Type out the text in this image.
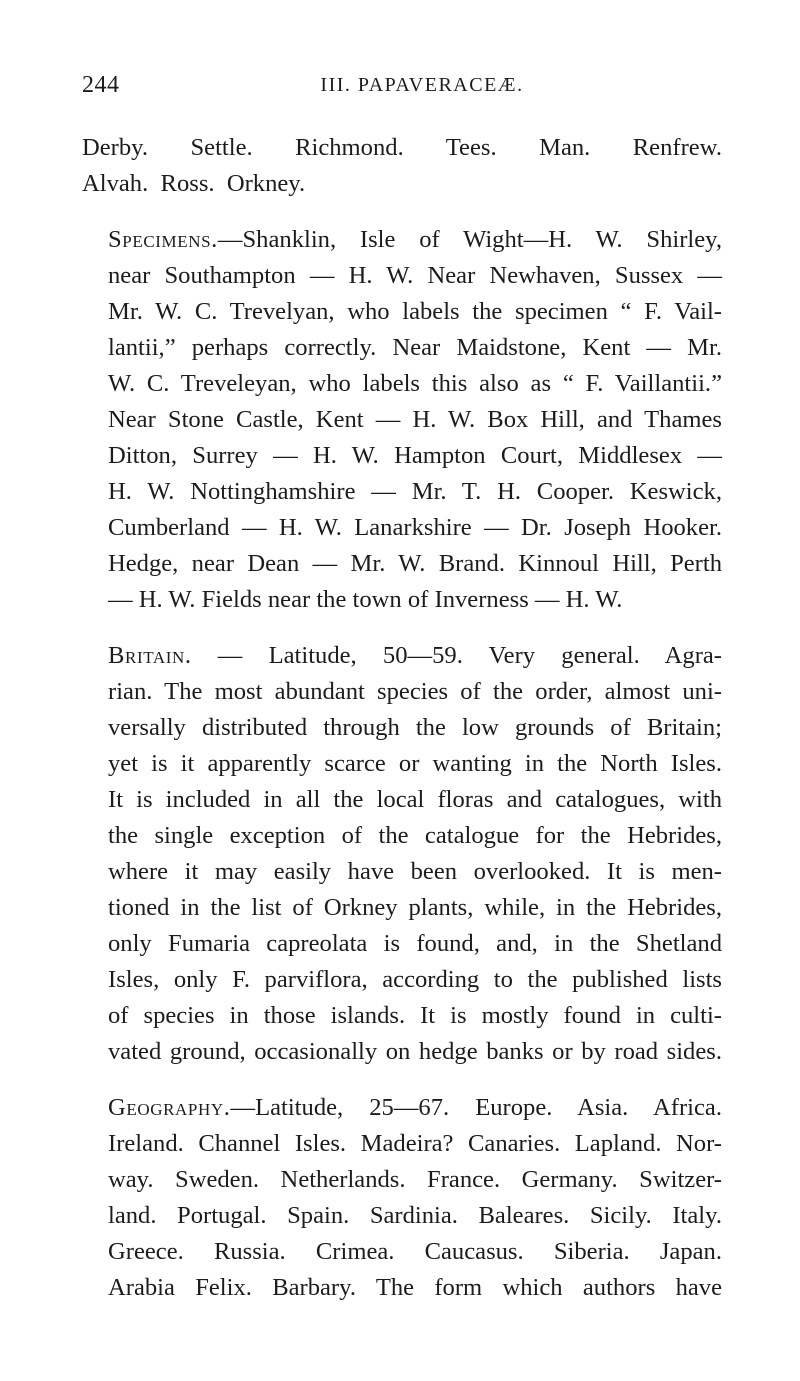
244	III. PAPAVERACEÆ.

Derby.  Settle.  Richmond.  Tees.  Man.  Renfrew.
Alvah.  Ross.  Orkney.

Specimens.—Shanklin, Isle of Wight—H. W. Shirley,
near Southampton — H. W. Near Newhaven, Sussex —
Mr. W. C. Trevelyan, who labels the specimen “ F. Vail-
lantii,” perhaps correctly. Near Maidstone, Kent — Mr.
W. C. Treveleyan, who labels this also as “ F. Vaillantii.”
Near Stone Castle, Kent — H. W. Box Hill, and Thames
Ditton, Surrey — H. W. Hampton Court, Middlesex —
H. W. Nottinghamshire — Mr. T. H. Cooper. Keswick,
Cumberland — H. W. Lanarkshire — Dr. Joseph Hooker.
Hedge, near Dean — Mr. W. Brand. Kinnoul Hill, Perth
— H. W. Fields near the town of Inverness — H. W.

Britain. — Latitude, 50—59. Very general. Agra-
rian. The most abundant species of the order, almost uni-
versally distributed through the low grounds of Britain;
yet is it apparently scarce or wanting in the North Isles.
It is included in all the local floras and catalogues, with
the single exception of the catalogue for the Hebrides,
where it may easily have been overlooked. It is men-
tioned in the list of Orkney plants, while, in the Hebrides,
only Fumaria capreolata is found, and, in the Shetland
Isles, only F. parviflora, according to the published lists
of species in those islands. It is mostly found in culti-
vated ground, occasionally on hedge banks or by road sides.

Geography.—Latitude, 25—67. Europe. Asia. Africa.
Ireland. Channel Isles. Madeira? Canaries. Lapland. Nor-
way. Sweden. Netherlands. France. Germany. Switzer-
land. Portugal. Spain. Sardinia. Baleares. Sicily. Italy.
Greece. Russia. Crimea. Caucasus. Siberia. Japan.
Arabia Felix. Barbary. The form which authors have
